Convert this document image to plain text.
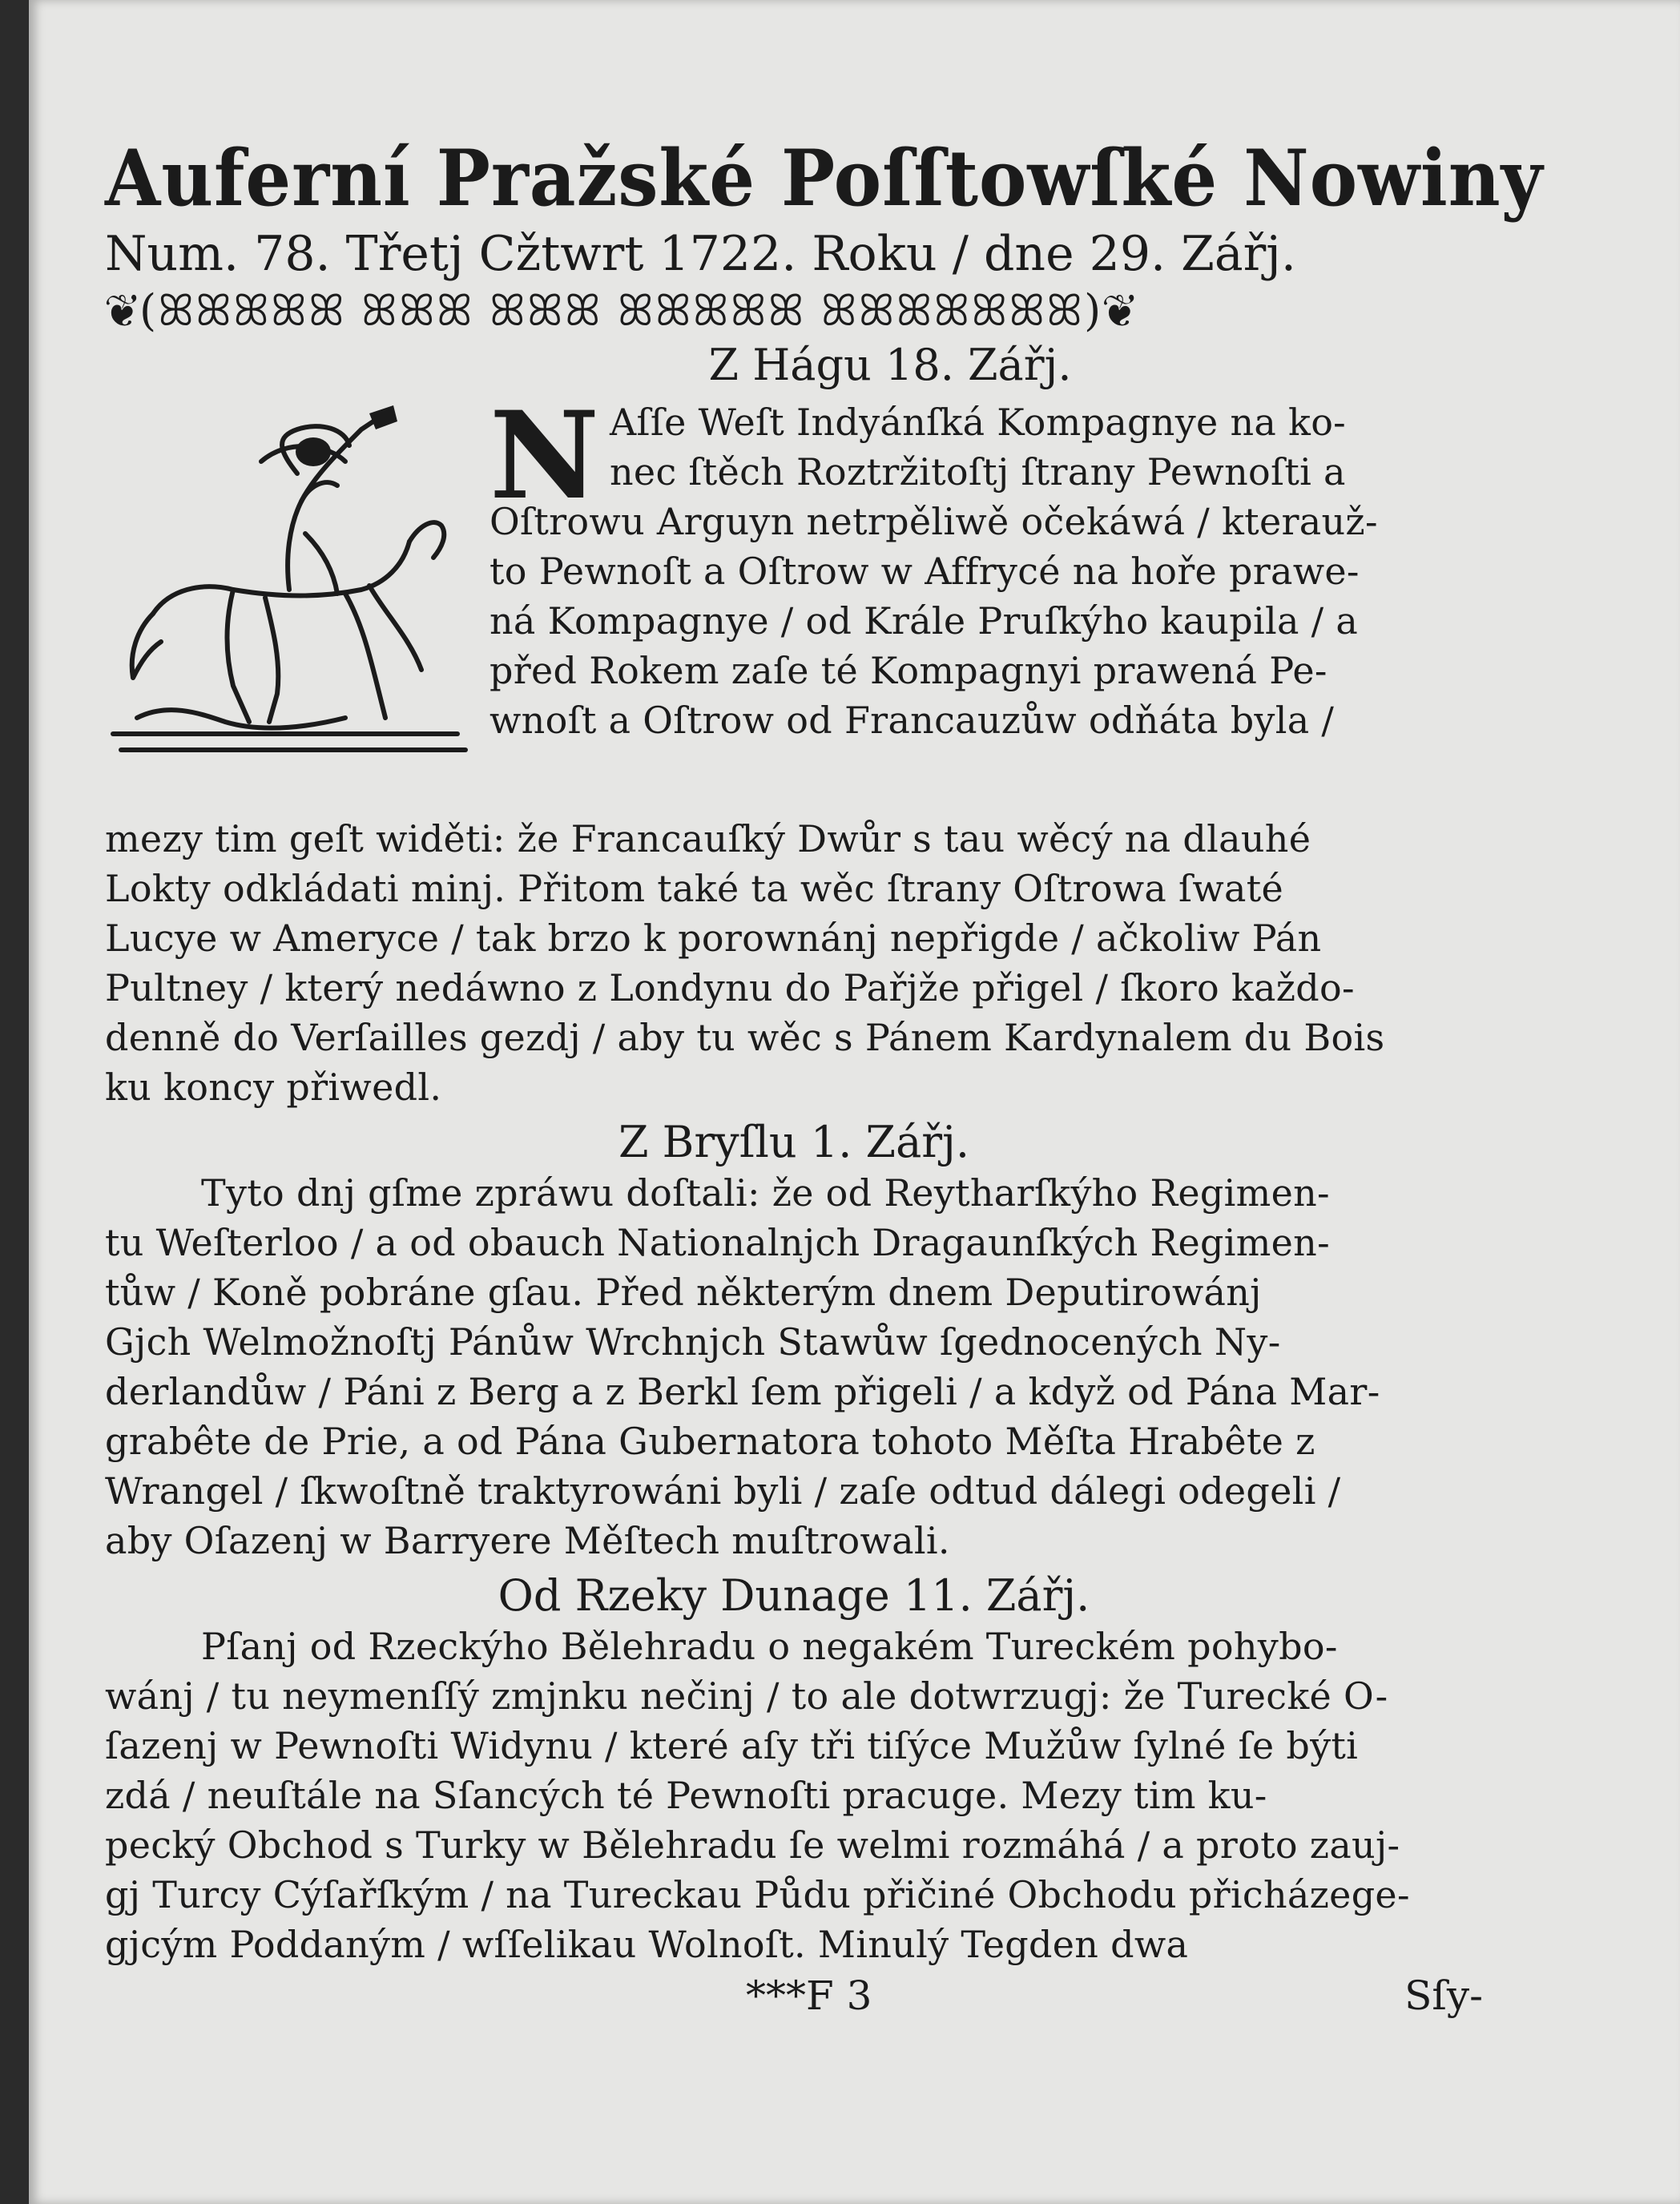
Auferní Pražské Poſſtowſké Nowiny
Num. 78. Třetj Cžtwrt 1722. Roku / dne 29. Zářj.
❦(ꕤꕤꕤꕤꕤ ꕤꕤꕤ ꕤꕤꕤ ꕤꕤꕤꕤꕤ ꕤꕤꕤꕤꕤꕤꕤ)❦
Z Hágu 18. Zářj.
N Aſſe Weſt Indyánſká Kompagnye na ko-
nec ſtěch Roztržitoſtj ſtrany Pewnoſti a
Oſtrowu Arguyn netrpěliwě očekáwá / kterauž-
to Pewnoſt a Oſtrow w Affrycé na hoře prawe-
ná Kompagnye / od Krále Pruſkýho kaupila / a
před Rokem zaſe té Kompagnyi prawená Pe-
wnoſt a Oſtrow od Francauzůw odňáta byla /
mezy tim geſt widěti: že Francauſký Dwůr s tau wěcý na dlauhé
Lokty odkládati minj. Přitom také ta wěc ſtrany Oſtrowa ſwaté
Lucye w Ameryce / tak brzo k porownánj nepřigde / ačkoliw Pán
Pultney / který nedáwno z Londynu do Pařjže přigel / ſkoro každo-
denně do Verſailles gezdj / aby tu wěc s Pánem Kardynalem du Bois
ku koncy přiwedl.
Z Bryſlu 1. Zářj.
Tyto dnj gſme zpráwu doſtali: že od Reytharſkýho Regimen-
tu Weſterloo / a od obauch Nationalnjch Dragaunſkých Regimen-
tůw / Koně pobráne gſau. Před některým dnem Deputirowánj
Gjch Welmožnoſtj Pánůw Wrchnjch Stawůw ſgednocených Ny-
derlandůw / Páni z Berg a z Berkl ſem přigeli / a když od Pána Mar-
grabête de Prie, a od Pána Gubernatora tohoto Měſta Hrabête z
Wrangel / ſkwoſtně traktyrowáni byli / zaſe odtud dálegi odegeli /
aby Oſazenj w Barryere Měſtech muſtrowali.
Od Rzeky Dunage 11. Zářj.
Pſanj od Rzeckýho Bělehradu o negakém Tureckém pohybo-
wánj / tu neymenſſý zmjnku nečinj / to ale dotwrzugj: že Turecké O-
ſazenj w Pewnoſti Widynu / které aſy tři tiſýce Mužůw ſylné ſe býti
zdá / neuſtále na Sſancých té Pewnoſti pracuge. Mezy tim ku-
pecký Obchod s Turky w Bělehradu ſe welmi rozmáhá / a proto zauj-
gj Turcy Cýſařſkým / na Tureckau Půdu přičiné Obchodu přicházege-
gjcým Poddaným / wſſelikau Wolnoſt. Minulý Tegden dwa
***F 3	Sſy-
